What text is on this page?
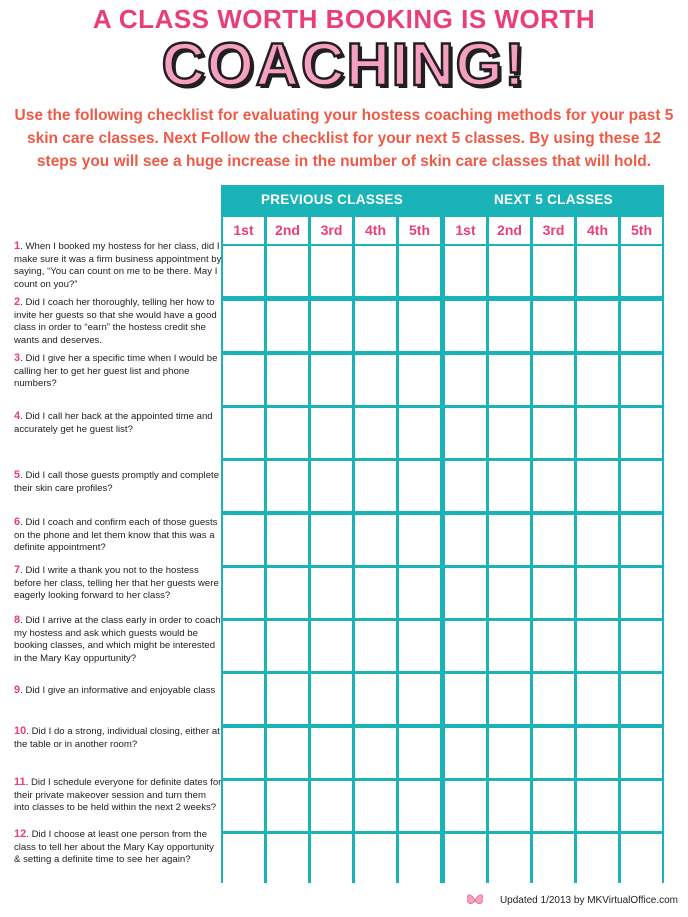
A CLASS WORTH BOOKING IS WORTH
COACHING!
Use the following checklist for evaluating your hostess coaching methods for your past 5 skin care classes. Next Follow the checklist for your next 5 classes. By using these 12 steps you will see a huge increase in the number of skin care classes that will hold.
PREVIOUS CLASSES	NEXT 5 CLASSES
1st	2nd	3rd	4th	5th	1st	2nd	3rd	4th	5th
1. When I booked my hostess for her class, did I make sure it was a firm business appointment by saying, “You can count on me to be there. May I count on you?”
2. Did I coach her thoroughly, telling her how to invite her guests so that she would have a good class in order to “earn” the hostess credit she wants and deserves.
3. Did I give her a specific time when I would be calling her to get her guest list and phone numbers?
4. Did I call her back at the appointed time and accurately get he guest list?
5. Did I call those guests promptly and complete their skin care profiles?
6. Did I coach and confirm each of those guests on the phone and let them know that this was a definite appointment?
7. Did I write a thank you not to the hostess before her class, telling her that her guests were eagerly looking forward to her class?
8. Did I arrive at the class early in order to coach my hostess and ask which guests would be booking classes, and which might be interested in the Mary Kay oppurtunity?
9. Did I give an informative and enjoyable class
10. Did I do a strong, individual closing, either at the table or in another room?
11. Did I schedule everyone for definite dates for their private makeover session and turn them into classes to be held within the next 2 weeks?
12. Did I choose at least one person from the class to tell her about the Mary Kay opportunity & setting a definite time to see her again?
Updated 1/2013 by MKVirtualOffice.com
